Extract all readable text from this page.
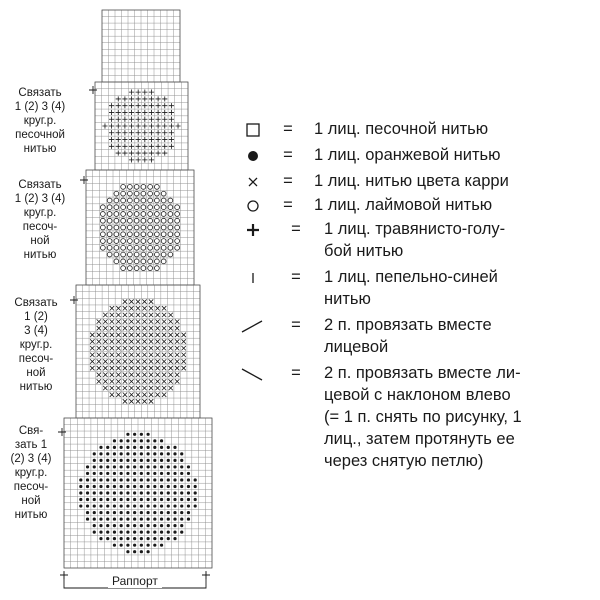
Связать
1 (2) 3 (4)
круг.р.
песочной
нитью
Связать
1 (2) 3 (4)
круг.р.
песоч-
ной
нитью
Связать
1 (2)
3 (4)
круг.р.
песоч-
ной
нитью
Свя-
зать 1
(2) 3 (4)
круг.р.
песоч-
ной
нитью
Раппорт
= 1 лиц. песочной нитью
= 1 лиц. оранжевой нитью
= 1 лиц. нитью цвета карри
= 1 лиц. лаймовой нитью
= 1 лиц. травянисто-голу-
бой нитью
= 1 лиц. пепельно-синей
нитью
= 2 п. провязать вместе
лицевой
= 2 п. провязать вместе ли-
цевой с наклоном влево
(= 1 п. снять по рисунку, 1
лиц., затем протянуть ее
через снятую петлю)
